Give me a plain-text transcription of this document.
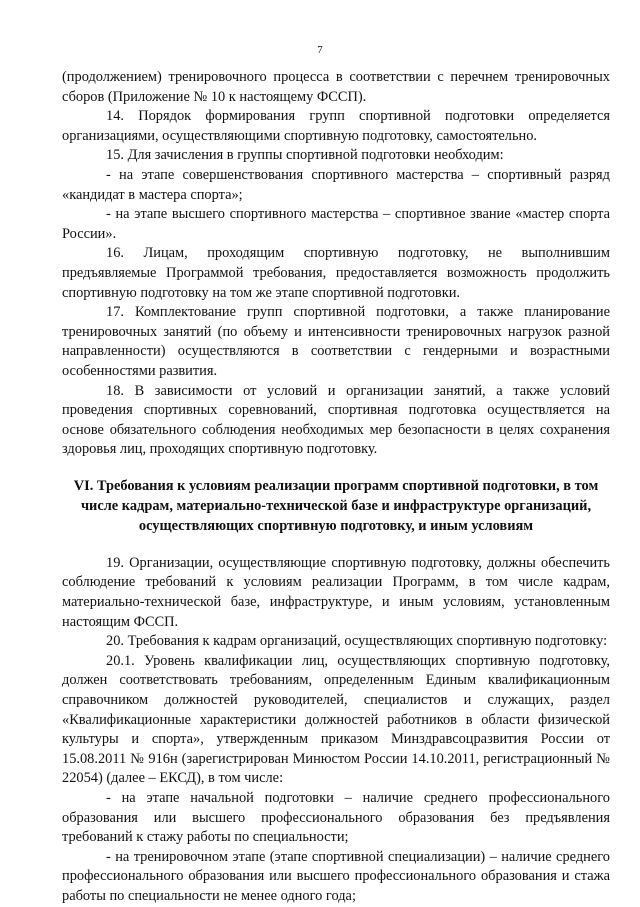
7

(продолжением) тренировочного процесса в соответствии с перечнем тренировочных сборов (Приложение № 10 к настоящему ФССП).

14. Порядок формирования групп спортивной подготовки определяется организациями, осуществляющими спортивную подготовку, самостоятельно.

15. Для зачисления в группы спортивной подготовки необходим:

- на этапе совершенствования спортивного мастерства – спортивный разряд «кандидат в мастера спорта»;

- на этапе высшего спортивного мастерства – спортивное звание «мастер спорта России».

16. Лицам, проходящим спортивную подготовку, не выполнившим предъявляемые Программой требования, предоставляется возможность продолжить спортивную подготовку на том же этапе спортивной подготовки.

17. Комплектование групп спортивной подготовки, а также планирование тренировочных занятий (по объему и интенсивности тренировочных нагрузок разной направленности) осуществляются в соответствии с гендерными и возрастными особенностями развития.

18. В зависимости от условий и организации занятий, а также условий проведения спортивных соревнований, спортивная подготовка осуществляется на основе обязательного соблюдения необходимых мер безопасности в целях сохранения здоровья лиц, проходящих спортивную подготовку.

VI. Требования к условиям реализации программ спортивной подготовки, в том числе кадрам, материально-технической базе и инфраструктуре организаций, осуществляющих спортивную подготовку, и иным условиям

19. Организации, осуществляющие спортивную подготовку, должны обеспечить соблюдение требований к условиям реализации Программ, в том числе кадрам, материально-технической базе, инфраструктуре, и иным условиям, установленным настоящим ФССП.

20. Требования к кадрам организаций, осуществляющих спортивную подготовку:

20.1. Уровень квалификации лиц, осуществляющих спортивную подготовку, должен соответствовать требованиям, определенным Единым квалификационным справочником должностей руководителей, специалистов и служащих, раздел «Квалификационные характеристики должностей работников в области физической культуры и спорта», утвержденным приказом Минздравсоцразвития России от 15.08.2011 № 916н (зарегистрирован Минюстом России 14.10.2011, регистрационный № 22054) (далее – ЕКСД), в том числе:

- на этапе начальной подготовки – наличие среднего профессионального образования или высшего профессионального образования без предъявления требований к стажу работы по специальности;

- на тренировочном этапе (этапе спортивной специализации) – наличие среднего профессионального образования или высшего профессионального образования и стажа работы по специальности не менее одного года;
